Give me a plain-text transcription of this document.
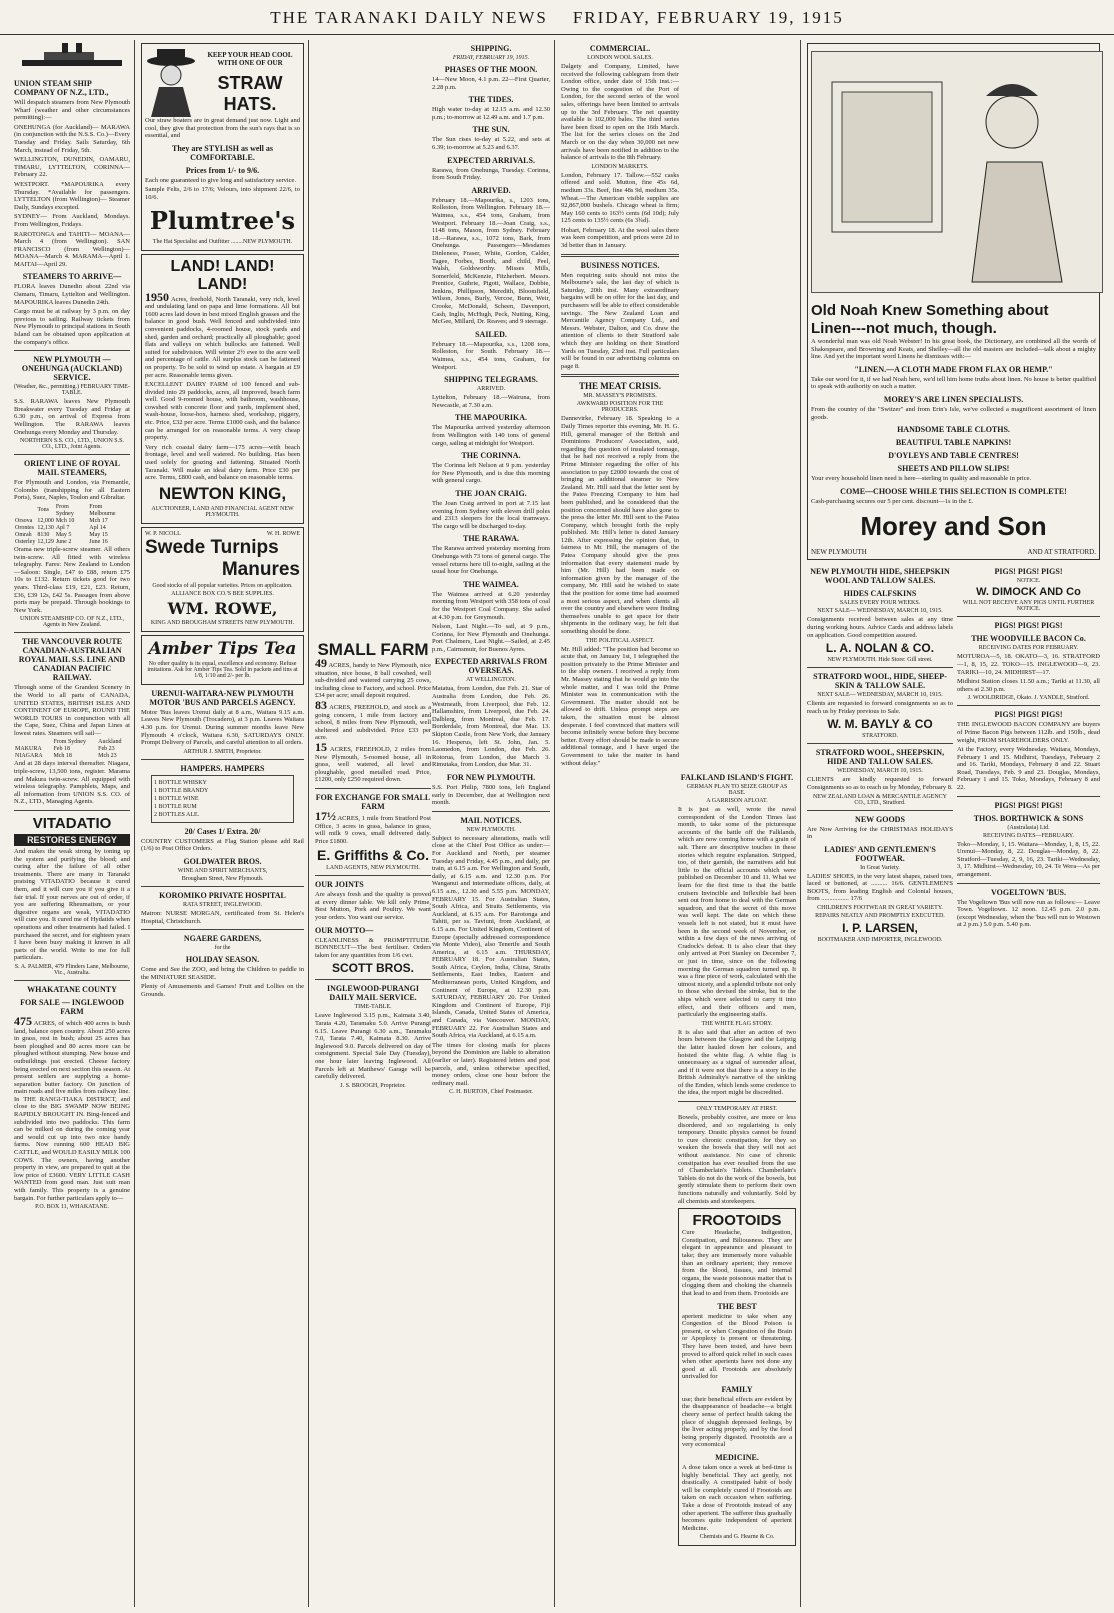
THE TARANAKI DAILY NEWS FRIDAY, FEBRUARY 19, 1915
UNION STEAM SHIP COMPANY OF N.Z., LTD.,

Will despatch steamers from New Plymouth Wharf (weather and other circumstances permitting):—

ONEHUNGA (for Auckland)— MARAWA (in conjunction with the N.S.S. Co.)—Every Tuesday and Friday. Sails Saturday, 6th March, instead of Friday, 5th.

WELLINGTON, DUNEDIN, OAMARU, TIMARU, LYTTELTON, CORINNA—February 22.

WESTPORT. *MAPOURIKA every Thursday. *Available for passengers. LYTTELTON (from Wellington)— Steamer Daily, Sundays excepted.

SYDNEY— From Auckland, Mondays. From Wellington, Fridays.

RAROTONGA and TAHITI— MOANA—March 4 (from Wellington). SAN FRANCISCO (from Wellington)— MOANA—March 4. MARAMA—April 1. MAITAI—April 29.

STEAMERS TO ARRIVE—

FLORA leaves Dunedin about 22nd via Oamaru, Timaru, Lyttelton and Wellington. MAPOURIKA leaves Dunedin 24th.

Cargo must be at railway by 3 p.m. on day previous to sailing. Railway tickets from New Plymouth to principal stations in South Island can be obtained upon application at the company's office.

NEW PLYMOUTH — ONEHUNGA (AUCKLAND) SERVICE.
(Weather, &c., permitting.) FEBRUARY TIME-TABLE.

S.S. RARAWA leaves New Plymouth Breakwater every Tuesday and Friday at 6.30 p.m., on arrival of Express from Wellington. The RARAWA leaves Onehunga every Monday and Thursday.

NORTHERN S.S. CO., LTD., UNION S.S. CO., LTD., Joint Agents.
ORIENT LINE OF ROYAL MAIL STEAMERS,

For Plymouth and London, via Fremantle, Colombo (transhipping for all Eastern Ports), Suez, Naples, Toulon and Gibraltar.

	Tons	From Sydney	From Melbourne
Orsova	12,000	Mch 10	Mch 17
Orontes	12,130	Apl 7	Apl 14
Omrah	8130	May 5	May 15
Osterley	12,129	June 2	June 16

Orama new triple-screw steamer. All others twin-screw. All fitted with wireless telegraphy. Fares: New Zealand to London—Saloon: Single, £47 to £88, return £75 10s to £132. Return tickets good for two years. Third-class £19, £21, £23. Return, £36, £39 12s, £42 5s. Passages from above ports may be prepaid. Through bookings to New York.

UNION STEAMSHIP CO. OF N.Z., LTD., Agents in New Zealand.
THE VANCOUVER ROUTE CANADIAN-AUSTRALIAN ROYAL MAIL S.S. LINE AND CANADIAN PACIFIC RAILWAY.

Through some of the Grandest Scenery in the World to all parts of CANADA, UNITED STATES, BRITISH ISLES AND CONTINENT OF EUROPE, ROUND THE WORLD TOURS in conjunction with all the Cape, Suez, China and Japan Lines at lowest rates. Steamers will sail—

	From Sydney	Auckland
MAKURA	Feb 18	Feb 23
NIAGARA	Mch 18	Mch 23

And at 28 days interval thereafter. Niagara, triple-screw, 13,500 tons, register. Marama and Makura twin-screw. All equipped with wireless telegraphy. Pamphlets, Maps, and all information from UNION S.S. CO. of N.Z., LTD., Managing Agents.

VITADATIO
RESTORES ENERGY

And makes the weak strong by toning up the system and purifying the blood; and curing after the failure of all other treatments. There are many in Taranaki praising VITADATIO because it cured them, and it will cure you if you give it a fair trial. If your nerves are out of order, if you are suffering Rheumatism, or your digestive organs are weak, VITADATIO will cure you. It cured me of Hydatids when operations and other treatments had failed. I purchased the secret, and for eighteen years I have been busy making it known in all parts of the world. Write to me for full particulars.

S. A. PALMER, 479 Flinders Lane, Melbourne, Vic., Australia.
WHAKATANE COUNTY
FOR SALE — INGLEWOOD FARM

475 ACRES, of which 400 acres is bush land, balance open country. About 250 acres in grass, rest in bush; about 25 acres has been ploughed and 80 acres more can be ploughed without stumping. New house and outbuildings just erected. Cheese factory being erected on next section this season. At present settlers are supplying a home-separation butter factory. On junction of main roads and five miles from railway line. In THE RANGI-TIAKA DISTRICT, and close to the BIG SWAMP NOW BEING RAPIDLY BROUGHT IN. Bing-fenced and subdivided into two paddocks. This farm can be milked on during the coming year and would cut up into two nice handy farms. Now running 600 HEAD BIG CATTLE, and WOULD EASILY MILK 100 COWS. The owners, having another property in view, are prepared to quit at the low price of £3600. VERY LITTLE CASH WANTED from good man. Just suit man with family. This property is a genuine bargain. For further particulars apply to—

P.O. BOX 11, WHAKATANE.
KEEP YOUR HEAD COOL WITH ONE OF OUR
STRAW HATS.

Our straw boaters are in great demand just now. Light and cool, they give that protection from the sun's rays that is so essential, and

They are STYLISH as well as COMFORTABLE.
Prices from 1/- to 9/6.

Each one guaranteed to give long and satisfactory service.

Sample Felts, 2/6 to 17/6; Velours, into shipment 22/6, to 10/6.

Plumtree's
The Hat Specialist and Outfitter ........NEW PLYMOUTH.
LAND! LAND! LAND!

1950 Acres, freehold, North Taranaki, very rich, level and undulating land on papa and lime formations. All but 1600 acres laid down in best mixed English grasses and the balance in good bush. Well fenced and subdivided into convenient paddocks, 4-roomed house, stock yards and shed, garden and orchard; practically all ploughable; good flats and valleys on which bullocks are fattened. Well suited for subdivision. Will winter 2½ ewe to the acre well and percentage of cattle. All surplus stock can be fattened on property. To be sold to wind up estate. A bargain at £9 per acre. Reasonable terms given.

EXCELLENT DAIRY FARM of 100 fenced and sub-divided into 29 paddocks, acres, all improved, beach farm well. Good 9-roomed house, with bathroom, washhouse, cowshed with concrete floor and yards, implement shed, wash-house, loose-box, harness shed, workshop, piggery, etc. Price, £32 per acre. Terms £1000 cash, and the balance can be arranged for on reasonable terms. A very cheap property.

Very rich coastal dairy farm—175 acres—with beach frontage, level and well watered. No building. Has been used solely for grazing and fattening. Situated North Taranaki. Will make an ideal dairy farm. Price £30 per acre. Terms, £800 cash, and balance on reasonable terms.

NEWTON KING,
AUCTIONEER, LAND AND FINANCIAL AGENT NEW PLYMOUTH.
W. P. NICOLL	W. H. ROWE
Swede Turnips
Manures
Good stocks of all popular varieties. Prices on application.
ALLIANCE BOX CO.'S BEE SUPPLIES.
WM. ROWE,
KING AND BROUGHAM STREETS NEW PLYMOUTH.
Amber Tips Tea
No other quality is its equal, excellence and economy. Refuse imitations. Ask for Amber Tips Tea. Sold in packets and tins at 1/8, 1/10 and 2/- per lb.
URENUI-WAITARA-NEW PLYMOUTH MOTOR 'BUS AND PARCELS AGENCY.

Motor 'Bus leaves Urenui daily at 8 a.m., Waitara 9.15 a.m. Leaves New Plymouth (Trocadero), at 3 p.m. Leaves Waitara 4.30 p.m. for Urenui. During summer months leave New Plymouth 4 o'clock, Waitara 6.30, SATURDAYS ONLY. Prompt Delivery of Parcels, and careful attention to all orders.

ARTHUR J. SMITH, Proprietor.
HAMPERS. HAMPERS
1 BOTTLE WHISKY
1 BOTTLE BRANDY
1 BOTTLE WINE
1 BOTTLE RUM
2 BOTTLES ALE.
20/ Cases 1/ Extra. 20/

COUNTRY CUSTOMERS at Flag Station please add Rail (1/6) to Post Office Orders.

GOLDWATER BROS.
WINE AND SPIRIT MERCHANTS,
Brougham Street, New Plymouth.
KOROMIKO PRIVATE HOSPITAL
RATA STREET, INGLEWOOD.

Matron: NURSE MORGAN, certificated from St. Helen's Hospital, Christchurch.

NGAERE GARDENS,
for the
HOLIDAY SEASON.

Come and See the ZOO, and bring the Children to paddle in the MINIATURE SEASIDE.

Plenty of Amusements and Games! Fruit and Lollies on the Grounds.

SMALL FARM

49 ACRES, handy to New Plymouth, nice situation, nice house, 8 ball cowshed, well sub-divided and watered carrying 25 cows, including close to Factory, and school. Price £34 per acre; small deposit required.

83 ACRES, FREEHOLD, and stock as a going concern, 1 mile from factory and school, 8 miles from New Plymouth, well sheltered and subdivided. Price £33 per acre.

15 ACRES, FREEHOLD, 2 miles from New Plymouth, 5-roomed house, all in grass, well watered, all level and ploughable, good metalled road. Price, £1200, only £250 required down.

FOR EXCHANGE FOR SMALL FARM

17½ ACRES, 1 mile from Stratford Post Office, 3 acres in grass, balance in grass, will milk 9 cows, small delivered daily. Price £1800.

E. Griffiths & Co.
LAND AGENTS, NEW PLYMOUTH.
OUR JOINTS

Are always fresh and the quality is proved at every dinner table. We kill only Prime, Best Mutton, Pork and Poultry. We want your orders. You want our service.

OUR MOTTO—

CLEANLINESS & PROMPTITUDE. BONNECUT—The best fertiliser. Orders taken for any quantities from 1/6 cwt.

SCOTT BROS.
INGLEWOOD-PURANGI DAILY MAIL SERVICE.
TIME-TABLE.

Leave Inglewood 3.15 p.m., Kaimata 3.40, Tarata 4.20, Taramaku 5.0. Arrive Purangi 6.15. Leave Purangi 6.30 a.m., Taramaku 7.0, Tarata 7.40, Kaimata 8.30. Arrive Inglewood 9.0. Parcels delivered on day of consignment. Special Sale Day (Tuesday), one hour later leaving Inglewood. All Parcels left at Matthews' Garage will be carefully delivered.

J. S. BROOGH, Proprietor.
SHIPPING.
FRIDAY, FEBRUARY 19, 1915.
PHASES OF THE MOON.

14—New Moon, 4.1 p.m. 22—First Quarter, 2.28 p.m.

THE TIDES.

High water to-day at 12.15 a.m. and 12.30 p.m.; to-morrow at 12.49 a.m. and 1.7 p.m.

THE SUN.

The Sun rises to-day at 5.22, and sets at 6.39; to-morrow at 5.23 and 6.37.

EXPECTED ARRIVALS.

Rarawa, from Onehunga, Tuesday. Corinna, from South Friday.

ARRIVED.

February 18.—Mapourika, s., 1203 tons, Rolleston, from Wellington. February 18.—Waimea, s.s., 454 tons, Graham, from Westport. February 18.—Joan Craig, s.s., 1148 tons, Mason, from Sydney. February 18.—Rarawa, s.s., 1072 tons, Bark, from Onehunga. Passengers—Mesdames Dinleness, Fraser, White, Gordon, Calder, Tagee, Forbes, Booth, and child, Peel, Walsh, Goldsworthy. Misses Mills, Somerfeld, McKenzie, Fitzherbert. Messrs. Prentice, Guthrie, Pigott, Wallace, Dobbie, Jenkins, Phillipson, Meredith, Bloomfield, Wilson, Jones, Burly, Vercoe, Bunn, Weir, Crooke, McDonald, Scheen, Davenport, Cash, Inglis, McHugh, Peck, Nutting, King, McGee, Millard, Dr. Reaves; and 9 steerage.

SAILED.

February 18.—Mapourika, s.s., 1208 tons, Rolleston, for South. February 18.—Waimea, s.s., 454 tons, Graham, for Westport.

SHIPPING TELEGRAMS.
ARRIVED.

Lyttelton, February 18.—Wairuna, from Newcastle, at 7.30 a.m.

THE MAPOURIKA.

The Mapourika arrived yesterday afternoon from Wellington with 140 tons of general cargo, sailing at midnight for Westport.

THE CORINNA.

The Corinna left Nelson at 9 p.m. yesterday for New Plymouth, and is due this morning with general cargo.

THE JOAN CRAIG.

The Joan Craig arrived in port at 7.15 last evening from Sydney with eleven drill poles and 2313 sleepers for the local tramways. The cargo will be discharged to-day.

THE RARAWA.

The Rarawa arrived yesterday morning from Onehunga with 73 tons of general cargo. The vessel returns here till to-night, sailing at the usual hour for Onehunga.

THE WAIMEA.

The Waimea arrived at 6.20 yesterday morning from Westport with 358 tons of coal for the Westport Coal Company. She sailed at 4.30 p.m. for Greymouth.

Nelson, Last Night.—To sail, at 9 p.m., Corinna, for New Plymouth and Onehunga. Port Chalmers, Last Night.—Sailed, at 2.45 p.m., Cairnsmuir, for Buenos Ayres.

EXPECTED ARRIVALS FROM OVERSEAS.
AT WELLINGTON.

Matatua, from London, due Feb. 21. Star of Australia from London, due Feb. 26. Westmeath, from Liverpool, due Feb. 12. Hallamshire, from Liverpool, due Feb. 24. Dalblerg, from Montreal, due Feb. 17. Borderdale, from Montreal, due Mar. 13. Skipton Castle, from New York, due January 16. Hesperus, left St. John, Jan. 5. Laomedon, from London, due Feb. 26. Rotorua, from London, due March 3. Rimutaka, from London, due Mar. 31.

FOR NEW PLYMOUTH.

S.S. Port Philip, 7800 tons, left England early in December, due at Wellington next month.

MAIL NOTICES.
NEW PLYMOUTH.

Subject to necessary alterations, mails will close at the Chief Post Office as under:— For Auckland and North, per steamer Tuesday and Friday, 4.45 p.m., and daily, per train, at 6.15 a.m. For Wellington and South, daily, at 6.15 a.m. and 12.30 p.m. For Wanganui and intermediate offices, daily, at 6.15 a.m., 12.30 and 5.55 p.m. MONDAY, FEBRUARY 15. For Australian States, South Africa, and Straits Settlements, via Auckland, at 6.15 a.m. For Rarotonga and Tahiti, per ss. Taviuni, from Auckland, at 6.15 a.m. For United Kingdom, Continent of Europe (specially addressed correspondence via Monte Video), also Tenerife and South America, at 6.15 a.m. THURSDAY, FEBRUARY 18. For Australian States, South Africa, Ceylon, India, China, Straits Settlements, East Indies, Eastern and Mediterranean ports, United Kingdom, and Continent of Europe, at 12.30 p.m. SATURDAY, FEBRUARY 20. For United Kingdom and Continent of Europe, Fiji Islands, Canada, United States of America, and Canada, via Vancouver. MONDAY, FEBRUARY 22. For Australian States and South Africa, via Auckland, at 6.15 a.m.

The times for closing mails for places beyond the Dominion are liable to alteration (earlier or later). Registered letters and post parcels, and, unless otherwise specified, money orders, close one hour before the ordinary mail.

C. H. BURTON, Chief Postmaster.
COMMERCIAL.
LONDON WOOL SALES.

Dalgety and Company, Limited, have received the following cablegram from their London office, under date of 15th inst.:—Owing to the congestion of the Port of London, for the second series of the wool sales, offerings have been limited to arrivals up to the 3rd February. The net quantity available is 102,000 bales. The third series have been fixed to open on the 16th March. The list for the series closes on the 2nd March or on the day when 30,000 net new arrivals have been notified in addition to the balance of arrivals to the 8th February.

LONDON MARKETS.

London, February 17. Tallow.—552 casks offered and sold. Mutton, fine 45s 6d, medium 33s. Beef, fine 48s 9d, medium 35s. Wheat.—The American visible supplies are 92,867,000 bushels. Chicago wheat is firm; May 160 cents to 163½ cents (6d 10d); July 125 cents to 135½ cents (6s 3¾d).

Hobart, February 18. At the wool sales there was keen competition, and prices were 2d to 3d better than in January.

BUSINESS NOTICES.

Men requiring suits should not miss the Melbourne's sale, the last day of which is Saturday, 20th inst. Many extraordinary bargains will be on offer for the last day, and purchasers will be able to effect considerable savings. The New Zealand Loan and Mercantile Agency Company Ltd., and Messrs. Webster, Dalton, and Co. draw the attention of clients to their Stratford sale which they are holding on their Stratford Yards on Tuesday, 23rd inst. Full particulars will be found in our advertising columns on page 8.

THE MEAT CRISIS.
MR. MASSEY'S PROMISES.
AWKWARD POSITION FOR THE PRODUCERS.

Dannevirke, February 18. Speaking to a Daily Times reporter this evening, Mr. H. G. Hill, general manager of the British and Dominions Producers' Association, said, regarding the question of insulated tonnage, that he had not received a reply from the Prime Minister regarding the offer of his association to pay £2000 towards the cost of bringing an additional steamer to New Zealand. Mr. Hill said that the letter sent by the Patea Freezing Company to him had been published, and he considered that the position concerned should have also gone to the press the letter Mr. Hill sent to the Patea Company, which brought forth the reply published. Mr. Hill's letter is dated January 12th. After expressing the opinion that, in fairness to Mr. Hill, the managers of the Patea Company should give the pres information that every statement made by him (Mr. Hill) had been made on information given by the manager of the company, Mr. Hill said he wished to state that the position for some time had assumed a most serious aspect, and when clients all over the country and elsewhere were finding themselves unable to get space for their shipments in the ordinary way, he felt that something should be done.

THE POLITICAL ASPECT.

Mr. Hill added: "The position had become so acute that, on January 1st, I telegraphed the position privately to the Prime Minister and to the ship owners. I received a reply from Mr. Massey stating that he would go into the whole matter, and I was told the Prime Minister was in communication with the Government. The matter should not be allowed to drift. Unless prompt steps are taken, the situation must be almost desperate. I feel convinced that matters will become infinitely worse before they become better. Every effort should be made to secure additional tonnage, and I have urged the Government to take the matter in hand without delay."

FALKLAND ISLAND'S FIGHT.
GERMAN PLAN TO SEIZE GROUP AS BASE.
A GARRISON AFLOAT.

It is just as well, wrote the naval correspondent of the London Times last month, to take some of the picturesque accounts of the battle off the Falklands, which are now coming home with a grain of salt. There are descriptive touches in these stories which require explanation. Stripped, too, of their garnish, the narratives add but little to the official accounts which were published on December 10 and 11. What we learn for the first time is that the battle cruisers Invincible and Inflexible had been sent out from home to deal with the German squadron, and that the secret of this move was well kept. The date on which these vessels left is not stated, but it must have been in the second week of November, or within a few days of the news arriving of Cradock's defeat. It is also clear that they only arrived at Port Stanley on December 7, or just in time, since on the following morning the German squadron turned up. It was a fine piece of work, calculated with the utmost nicety, and a splendid tribute not only to those who devised the stroke, but to the ships which were selected to carry it into effect, and their officers and men, particularly the engineering staffs.

THE WHITE FLAG STORY.

It is also said that after an action of two hours between the Glasgow and the Leipzig the latter hauled down her colours, and hoisted the white flag. A white flag is unnecessary as a signal of surrender afloat, and if it were not that there is a story in the British Admiralty's narrative of the sinking of the Emden, which lends some credence to the idea, the report might be discredited.

ONLY TEMPORARY AT FIRST.

Bowels, probably costive, are more or less disordered, and so regularising is only temporary. Drastic physics cannot be found to cure chronic constipation, for they so weaken the bowels that they will not act without assistance. No case of chronic constipation has ever resulted from the use of Chamberlain's Tablets. Chamberlain's Tablets do not do the work of the bowels, but gently stimulate them to perform their own functions naturally and voluntarily. Sold by all chemists and storekeepers.

FROOTOIDS

Cure Headache, Indigestion, Constipation, and Biliousness. They are elegant in appearance and pleasant to take; they are immensely more valuable than an ordinary aperient; they remove from the blood, tissues, and internal organs, the waste poisonous matter that is clogging them and choking the channels that lead to and from them. Frootoids are

THE BEST

aperient medicine to take when any Congestion of the Blood Poison is present, or when Congestion of the Brain or Apoplexy is present or threatening. They have been tested, and have been proved to afford quick relief in such cases when other aperients have not done any good at all. Frootoids are absolutely unrivalled for

FAMILY

use; their beneficial effects are evident by the disappearance of headache—a bright cheery sense of perfect health taking the place of sluggish depressed feelings, by the liver acting properly, and by the food being properly digested. Frootoids are a very economical

MEDICINE.

A dose taken once a week at bed-time is highly beneficial. They act gently, not drastically. A constipated habit of body will be completely cured if Frootoids are taken on each occasion when suffering. Take a dose of Frootoids instead of any other aperient. The sufferer thus gradually becomes quite independent of aperient Medicine.

Chemists and G. Hearne & Co.
Old Noah Knew Something about Linen---not much, though.

A wonderful man was old Noah Webster! In his great book, the Dictionary, are combined all the words of Shakespeare, and Browning and Keats, and Shelley—all the old masters are included—talk about a mighty line. And yet the important word Linens he dismisses with:—

"LINEN.—A CLOTH MADE FROM FLAX OR HEMP."

Take our word for it, if we had Noah here, we'd tell him home truths about linen. No house is better qualified to speak with authority on such a matter.

MOREY'S ARE LINEN SPECIALISTS.

From the country of the "Switzer" and from Erin's Isle, we've collected a magnificent assortment of linen goods.

HANDSOME TABLE CLOTHS.
BEAUTIFUL TABLE NAPKINS!
D'OYLEYS AND TABLE CENTRES!
SHEETS AND PILLOW SLIPS!

Your every household linen need is here—sterling in quality and reasonable in price.

COME—CHOOSE WHILE THIS SELECTION IS COMPLETE!

Cash-purchasing secures our 5 per cent. discount—1s in the £.

Morey and Son
NEW PLYMOUTH	AND AT STRATFORD.
NEW PLYMOUTH HIDE, SHEEPSKIN WOOL AND TALLOW SALES.
HIDES CALFSKINS
SALES EVERY FOUR WEEKS.
NEXT SALE— WEDNESDAY, MARCH 10, 1915.

Consignments received between sales at any time during working hours. Advice Cards and address labels on application. Good competition assured.

L. A. NOLAN & CO.
NEW PLYMOUTH. Hide Store: Gill street.
STRATFORD WOOL, HIDE, SHEEP-SKIN & TALLOW SALE.
NEXT SALE— WEDNESDAY, MARCH 10, 1915.

Clients are requested to forward consignments so as to reach us by Friday previous to Sale.

W. M. BAYLY & CO
STRATFORD.
STRATFORD WOOL, SHEEPSKIN, HIDE AND TALLOW SALES.
WEDNESDAY, MARCH 10, 1915.

CLIENTS are kindly requested to forward Consignments so as to reach us by Monday, February 8.

NEW ZEALAND LOAN & MERCANTILE AGENCY CO., LTD., Stratford.
NEW GOODS

Are Now Arriving for the CHRISTMAS HOLIDAYS in

LADIES' AND GENTLEMEN'S FOOTWEAR.
In Great Variety.

LADIES' SHOES, in the very latest shapes, raised toes, laced or buttoned, at .......... 16/6. GENTLEMEN'S BOOTS, from leading English and Colonial houses, from ................. 17/6

CHILDREN'S FOOTWEAR IN GREAT VARIETY.
REPAIRS NEATLY AND PROMPTLY EXECUTED.
I. P. LARSEN,
BOOTMAKER AND IMPORTER, INGLEWOOD.
PIGS! PIGS! PIGS!
NOTICE.
W. DIMOCK AND Co
WILL NOT RECEIVE ANY PIGS UNTIL FURTHER NOTICE.
PIGS! PIGS! PIGS!
THE WOODVILLE BACON Co.
RECEIVING DATES FOR FEBRUARY.

MOTUROA—5, 18. OKATO—3, 16. STRATFORD—1, 8, 15, 22. TOKO—15. INGLEWOOD—9, 23. TARIKI—10, 24. MIDHIRST—17.

Midhirst Station closes 11.50 a.m.; Tariki at 11.30, all others at 2.30 p.m.

J. WOOLDRIDGE, Okato. J. YANDLE, Stratford.
PIGS! PIGS! PIGS!

THE INGLEWOOD BACON COMPANY are buyers of Prime Bacon Pigs between 112lb. and 150lb., dead weight, FROM SHAREHOLDERS ONLY.

At the Factory, every Wednesday. Waitara, Mondays, February 1 and 15. Midhirst, Tuesdays, February 2 and 16. Tariki, Mondays, February 8 and 22. Stuart Road, Tuesdays, Feb. 9 and 23. Douglas, Mondays, February 1 and 15. Toko, Mondays, February 8 and 22.

PIGS! PIGS! PIGS!
THOS. BORTHWICK & SONS
(Australasia) Ltd.
RECEIVING DATES—FEBRUARY.

Toko—Monday, 1, 15. Waitara—Monday, 1, 8, 15, 22. Urenui—Monday, 8, 22. Douglas—Monday, 8, 22. Stratford—Tuesday, 2, 9, 16, 23. Tariki—Wednesday, 3, 17. Midhirst—Wednesday, 10, 24. Te Wera—As per arrangement.

VOGELTOWN 'BUS.

The Vogeltown 'Bus will now run as follows:— Leave Town. Vogeltown. 12 noon. 12.45 p.m. 2.0 p.m. (except Wednesday, when the 'bus will run to Westown at 2 p.m.) 5.0 p.m. 5.40 p.m.
